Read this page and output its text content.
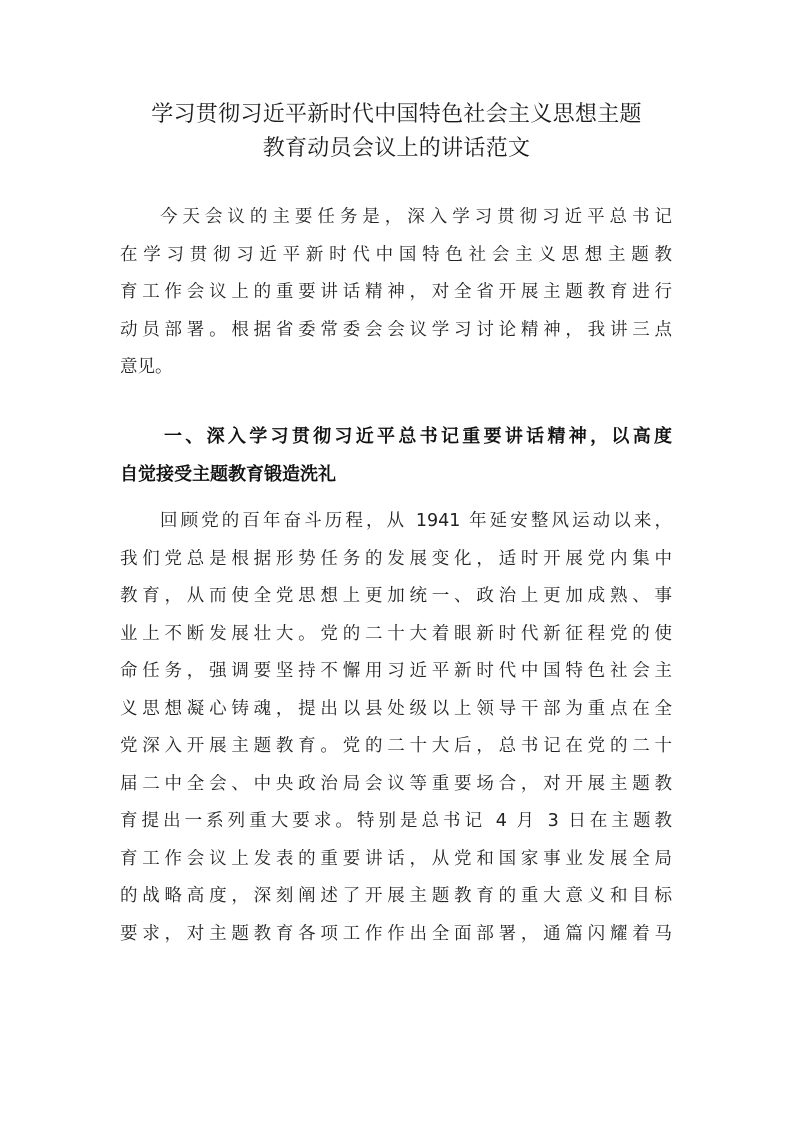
学习贯彻习近平新时代中国特色社会主义思想主题
教育动员会议上的讲话范文
今天会议的主要任务是，深入学习贯彻习近平总书记
在学习贯彻习近平新时代中国特色社会主义思想主题教
育工作会议上的重要讲话精神，对全省开展主题教育进行
动员部署。根据省委常委会会议学习讨论精神，我讲三点
意见。
一、深入学习贯彻习近平总书记重要讲话精神，以高度
自觉接受主题教育锻造洗礼
回顾党的百年奋斗历程，从 1941 年延安整风运动以来，
我们党总是根据形势任务的发展变化，适时开展党内集中
教育，从而使全党思想上更加统一、政治上更加成熟、事
业上不断发展壮大。党的二十大着眼新时代新征程党的使
命任务，强调要坚持不懈用习近平新时代中国特色社会主
义思想凝心铸魂，提出以县处级以上领导干部为重点在全
党深入开展主题教育。党的二十大后，总书记在党的二十
届二中全会、中央政治局会议等重要场合，对开展主题教
育提出一系列重大要求。特别是总书记 4 月 3 日在主题教
育工作会议上发表的重要讲话，从党和国家事业发展全局
的战略高度，深刻阐述了开展主题教育的重大意义和目标
要求，对主题教育各项工作作出全面部署，通篇闪耀着马
